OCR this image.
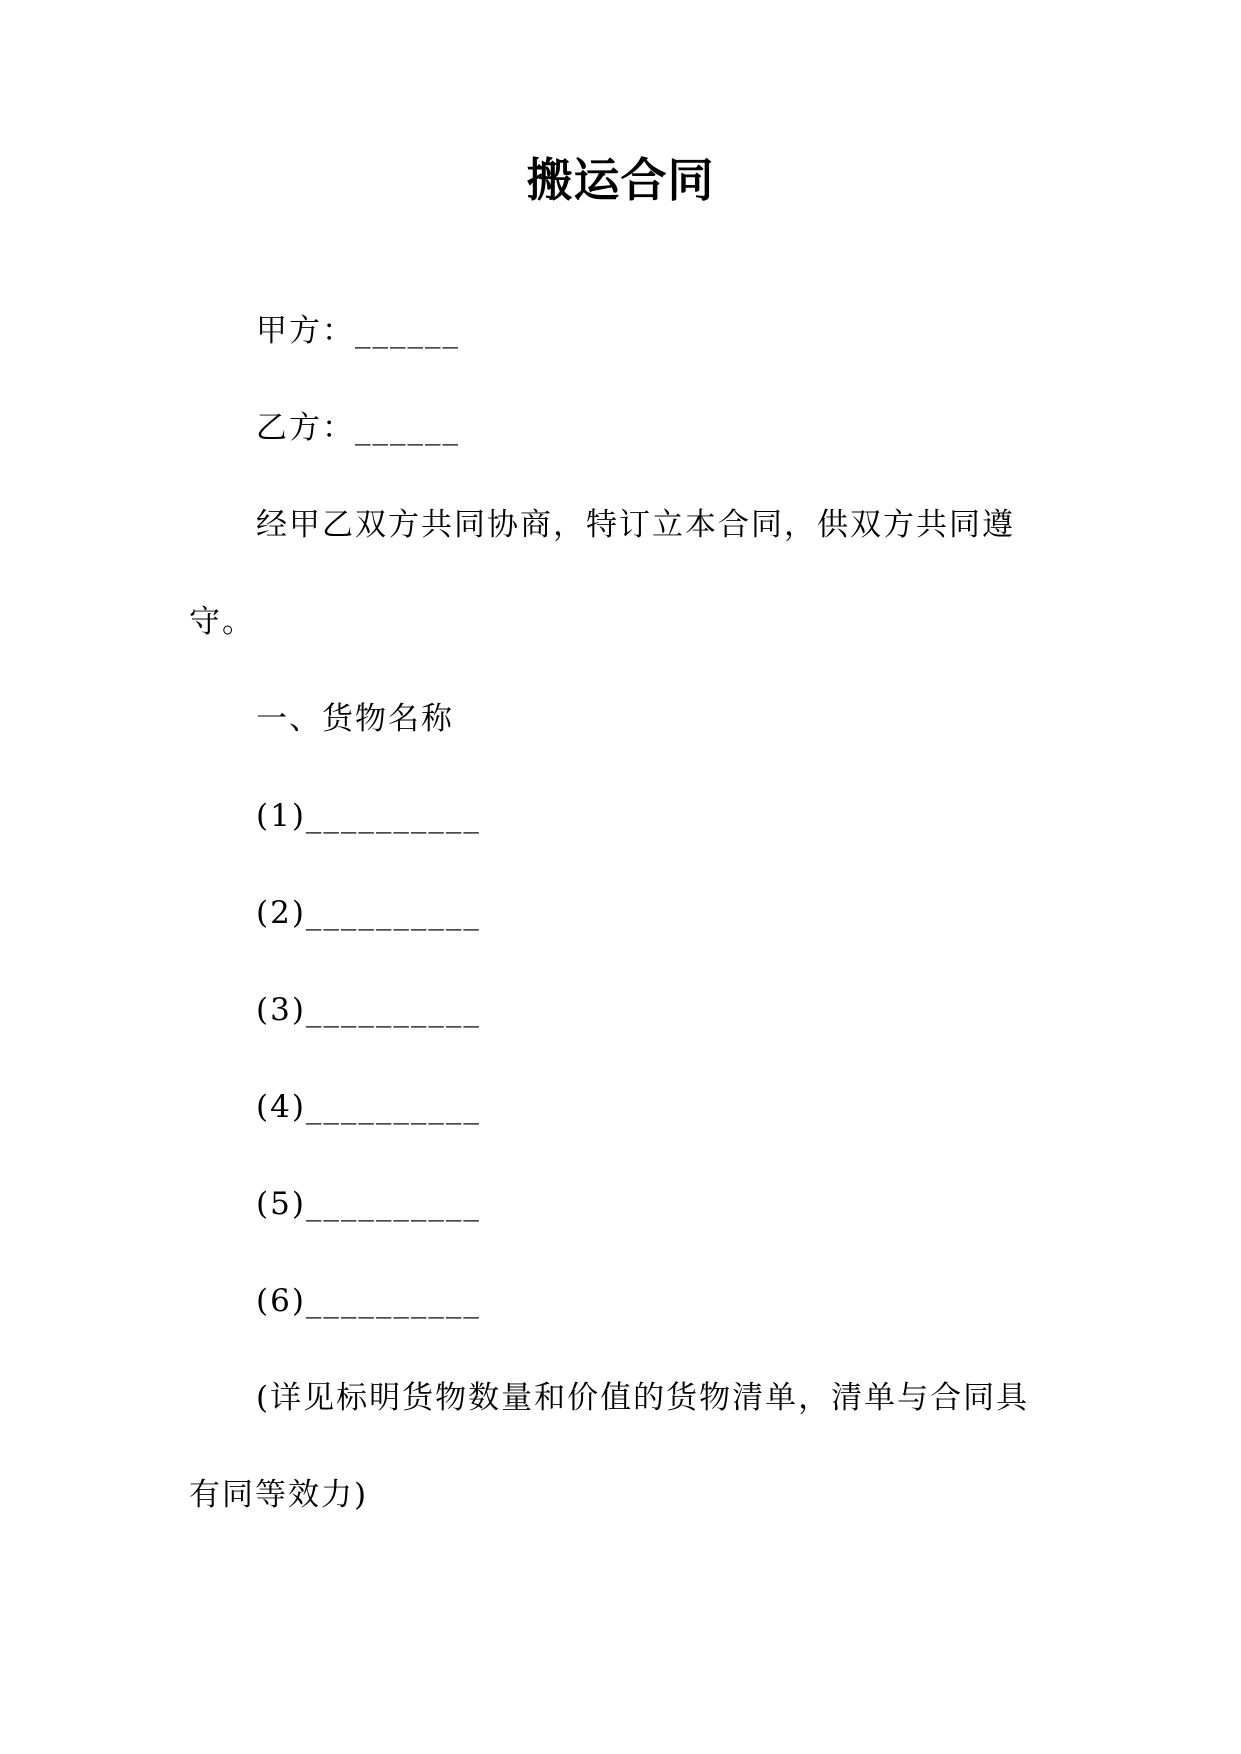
搬运合同
甲方：______
乙方：______
经甲乙双方共同协商，特订立本合同，供双方共同遵
守。
一、货物名称
(1)__________
(2)__________
(3)__________
(4)__________
(5)__________
(6)__________
(详见标明货物数量和价值的货物清单，清单与合同具
有同等效力)
